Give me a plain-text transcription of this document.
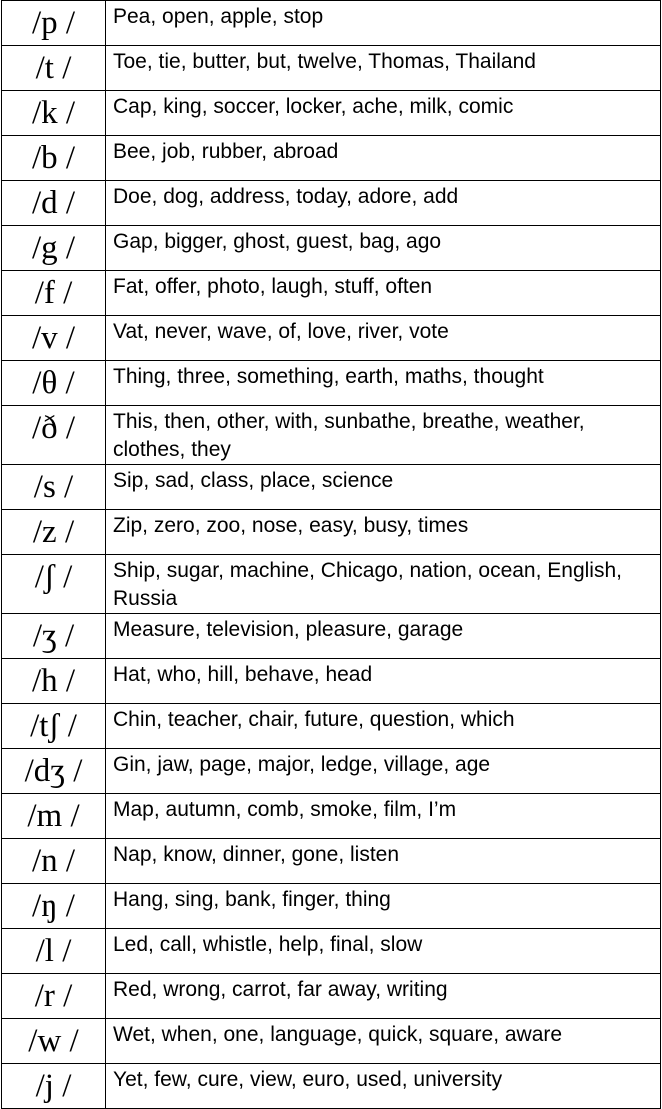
/p /	Pea, open, apple, stop
/t /	Toe, tie, butter, but, twelve, Thomas, Thailand
/k /	Cap, king, soccer, locker, ache, milk, comic
/b /	Bee, job, rubber, abroad
/d /	Doe, dog, address, today, adore, add
/g /	Gap, bigger, ghost, guest, bag, ago
/f /	Fat, offer, photo, laugh, stuff, often
/v /	Vat, never, wave, of, love, river, vote
/θ /	Thing, three, something, earth, maths, thought
/ð /	This, then, other, with, sunbathe, breathe, weather, clothes, they
/s /	Sip, sad, class, place, science
/z /	Zip, zero, zoo, nose, easy, busy, times
/ʃ /	Ship, sugar, machine, Chicago, nation, ocean, English, Russia
/ʒ /	Measure, television, pleasure, garage
/h /	Hat, who, hill, behave, head
/tʃ /	Chin, teacher, chair, future, question, which
/dʒ /	Gin, jaw, page, major, ledge, village, age
/m /	Map, autumn, comb, smoke, film, I’m
/n /	Nap, know, dinner, gone, listen
/ŋ /	Hang, sing, bank, finger, thing
/l /	Led, call, whistle, help, final, slow
/r /	Red, wrong, carrot, far away, writing
/w /	Wet, when, one, language, quick, square, aware
/j /	Yet, few, cure, view, euro, used, university
